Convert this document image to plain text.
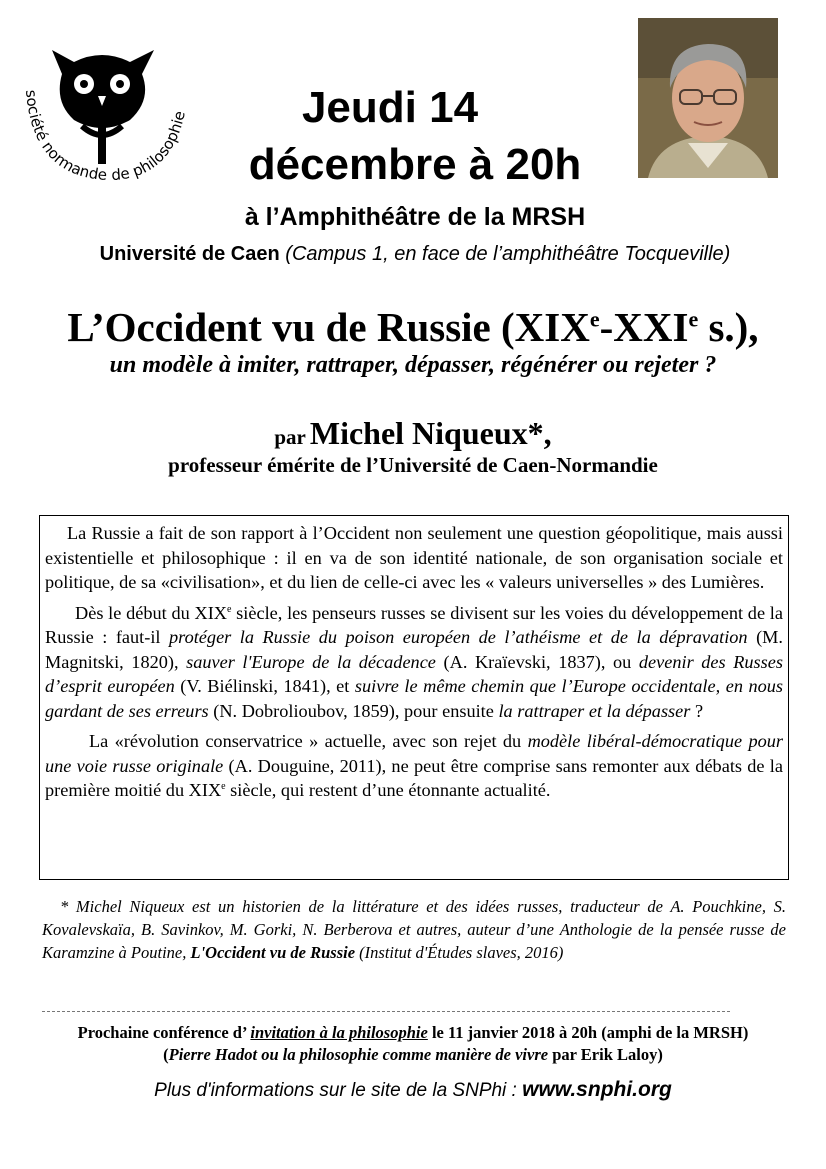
société normande de philosophie	Jeudi 14
décembre à 20h
à l’Amphithéâtre de la MRSH
Université de Caen (Campus 1, en face de l’amphithéâtre Tocqueville)
L’Occident vu de Russie (XIXe-XXIe s.),
un modèle à imiter, rattraper, dépasser, régénérer ou rejeter ?
par Michel Niqueux*,
professeur émérite de l’Université de Caen-Normandie

La Russie a fait de son rapport à l’Occident non seulement une question géopolitique, mais aussi existentielle et philosophique : il en va de son identité nationale, de son organisation sociale et politique, de sa «civilisation», et du lien de celle-ci avec les « valeurs universelles » des Lumières.

Dès le début du XIXe siècle, les penseurs russes se divisent sur les voies du développement de la Russie : faut-il protéger la Russie du poison européen de l’athéisme et de la dépravation (M. Magnitski, 1820), sauver l'Europe de la décadence (A. Kraïevski, 1837), ou devenir des Russes d’esprit européen (V. Biélinski, 1841), et suivre le même chemin que l’Europe occidentale, en nous gardant de ses erreurs (N. Dobrolioubov, 1859), pour ensuite la rattraper et la dépasser ?

La «révolution conservatrice » actuelle, avec son rejet du modèle libéral-démocratique pour une voie russe originale (A. Douguine, 2011), ne peut être comprise sans remonter aux débats de la première moitié du XIXe siècle, qui restent d’une étonnante actualité.

* Michel Niqueux est un historien de la littérature et des idées russes, traducteur de A. Pouchkine, S. Kovalevskaïa, B. Savinkov, M. Gorki, N. Berberova et autres, auteur d’une Anthologie de la pensée russe de Karamzine à Poutine, L'Occident vu de Russie (Institut d'Études slaves, 2016)
Prochaine conférence d’ invitation à la philosophie le 11 janvier 2018 à 20h (amphi de la MRSH)
(Pierre Hadot ou la philosophie comme manière de vivre par Erik Laloy)
Plus d'informations sur le site de la SNPhi : www.snphi.org
